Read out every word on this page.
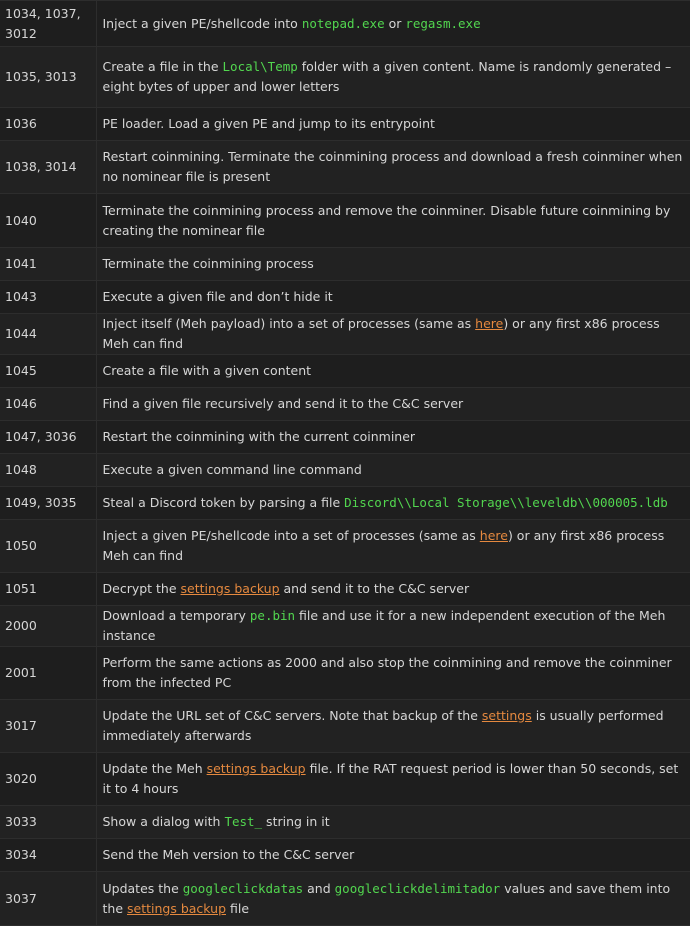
1034, 1037, 3012	Inject a given PE/shellcode into notepad.exe or regasm.exe
1035, 3013	Create a file in the Local\Temp folder with a given content. Name is randomly generated – eight bytes of upper and lower letters
1036	PE loader. Load a given PE and jump to its entrypoint
1038, 3014	Restart coinmining. Terminate the coinmining process and download a fresh coinminer when no nominear file is present
1040	Terminate the coinmining process and remove the coinminer. Disable future coinmining by creating the nominear file
1041	Terminate the coinmining process
1043	Execute a given file and don’t hide it
1044	Inject itself (Meh payload) into a set of processes (same as here) or any first x86 process Meh can find
1045	Create a file with a given content
1046	Find a given file recursively and send it to the C&C server
1047, 3036	Restart the coinmining with the current coinminer
1048	Execute a given command line command
1049, 3035	Steal a Discord token by parsing a file Discord\\Local Storage\\leveldb\\000005.ldb
1050	Inject a given PE/shellcode into a set of processes (same as here) or any first x86 process Meh can find
1051	Decrypt the settings backup and send it to the C&C server
2000	Download a temporary pe.bin file and use it for a new independent execution of the Meh instance
2001	Perform the same actions as 2000 and also stop the coinmining and remove the coinminer from the infected PC
3017	Update the URL set of C&C servers. Note that backup of the settings is usually performed immediately afterwards
3020	Update the Meh settings backup file. If the RAT request period is lower than 50 seconds, set it to 4 hours
3033	Show a dialog with Test_ string in it
3034	Send the Meh version to the C&C server
3037	Updates the googleclickdatas and googleclickdelimitador values and save them into the settings backup file
